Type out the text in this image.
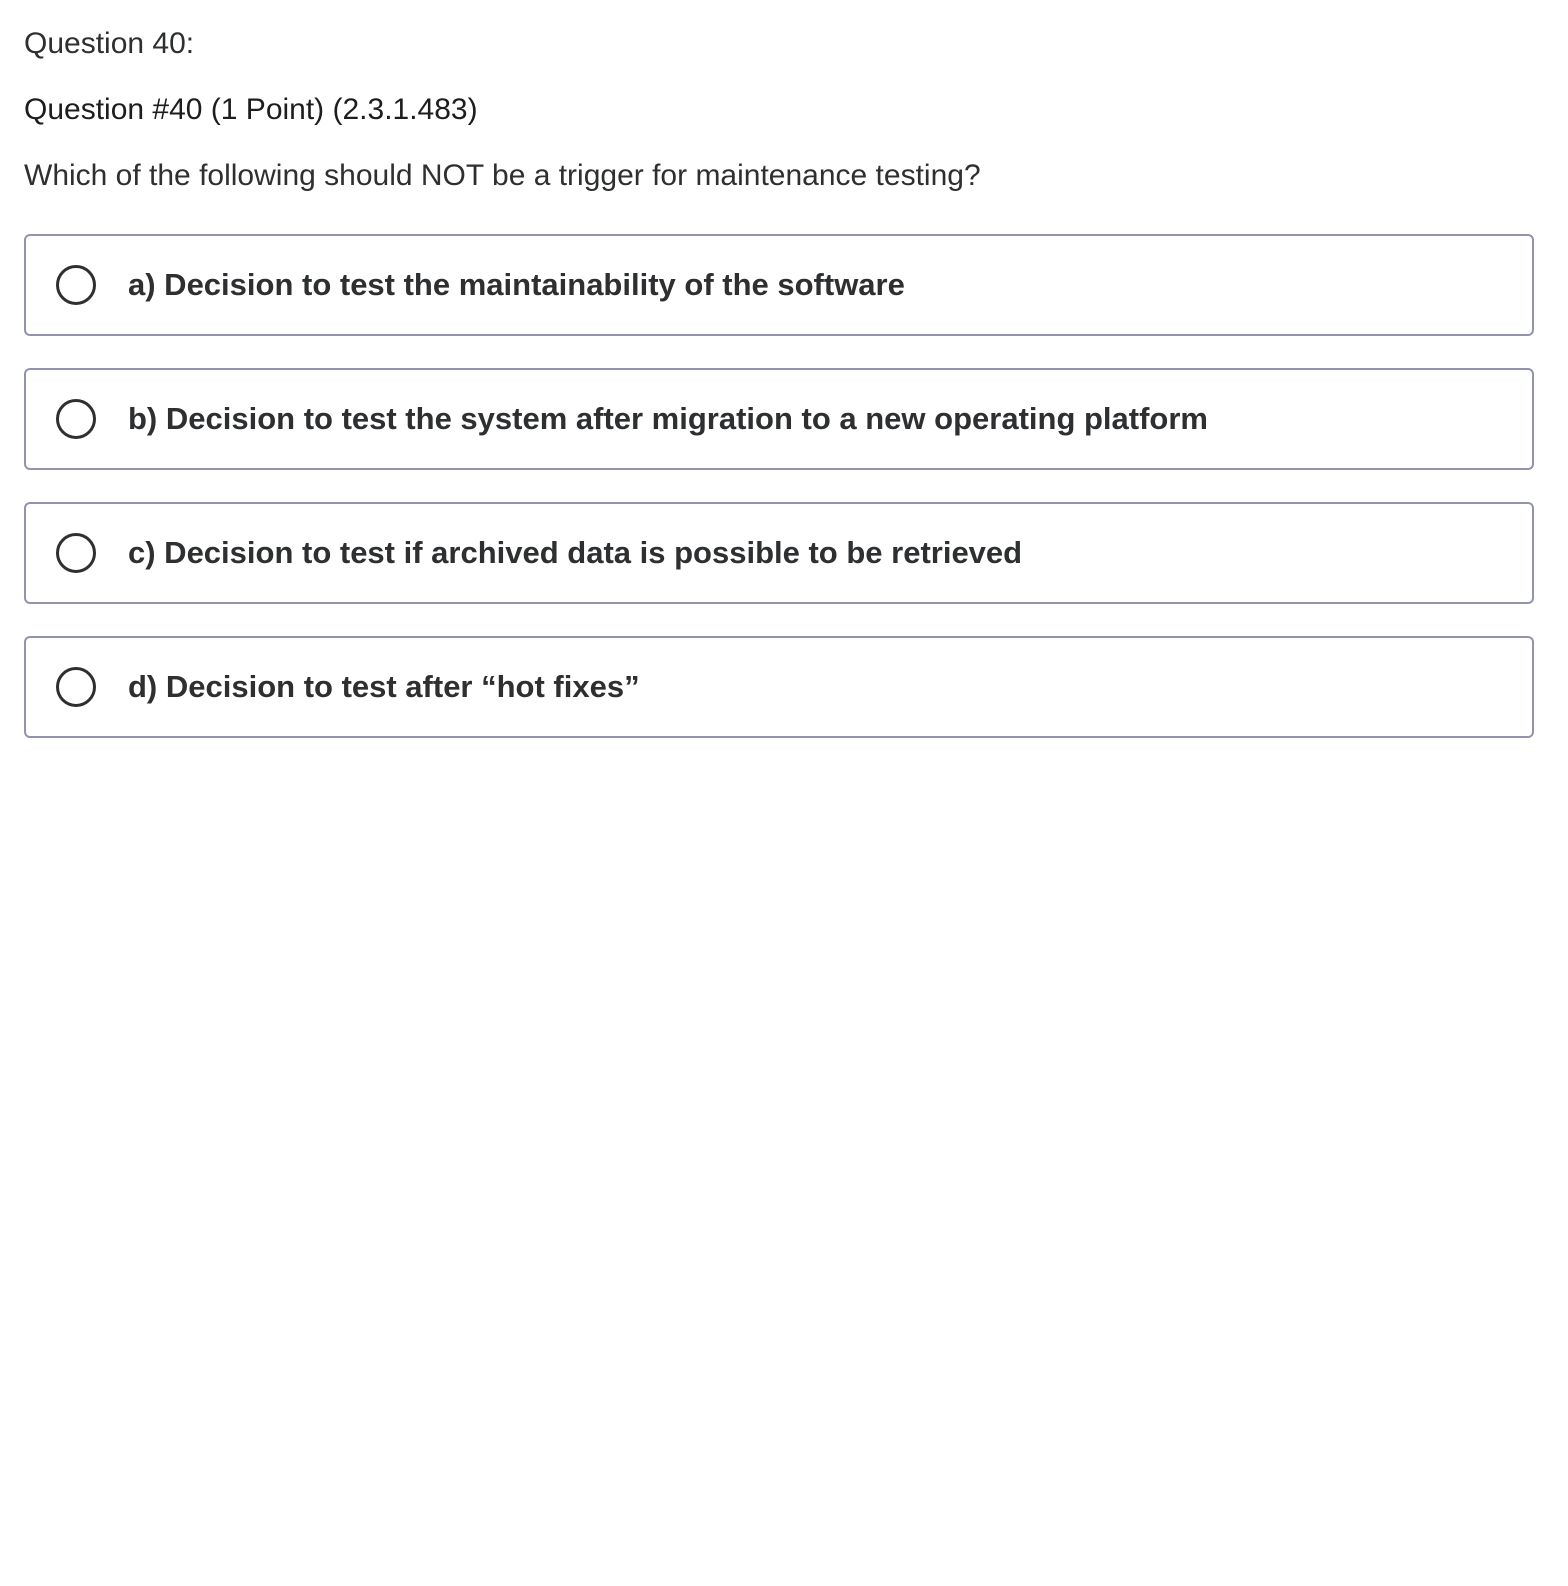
Question 40:
Question #40 (1 Point) (2.3.1.483)
Which of the following should NOT be a trigger for maintenance testing?
a) Decision to test the maintainability of the software
b) Decision to test the system after migration to a new operating platform
c) Decision to test if archived data is possible to be retrieved
d) Decision to test after “hot fixes”
